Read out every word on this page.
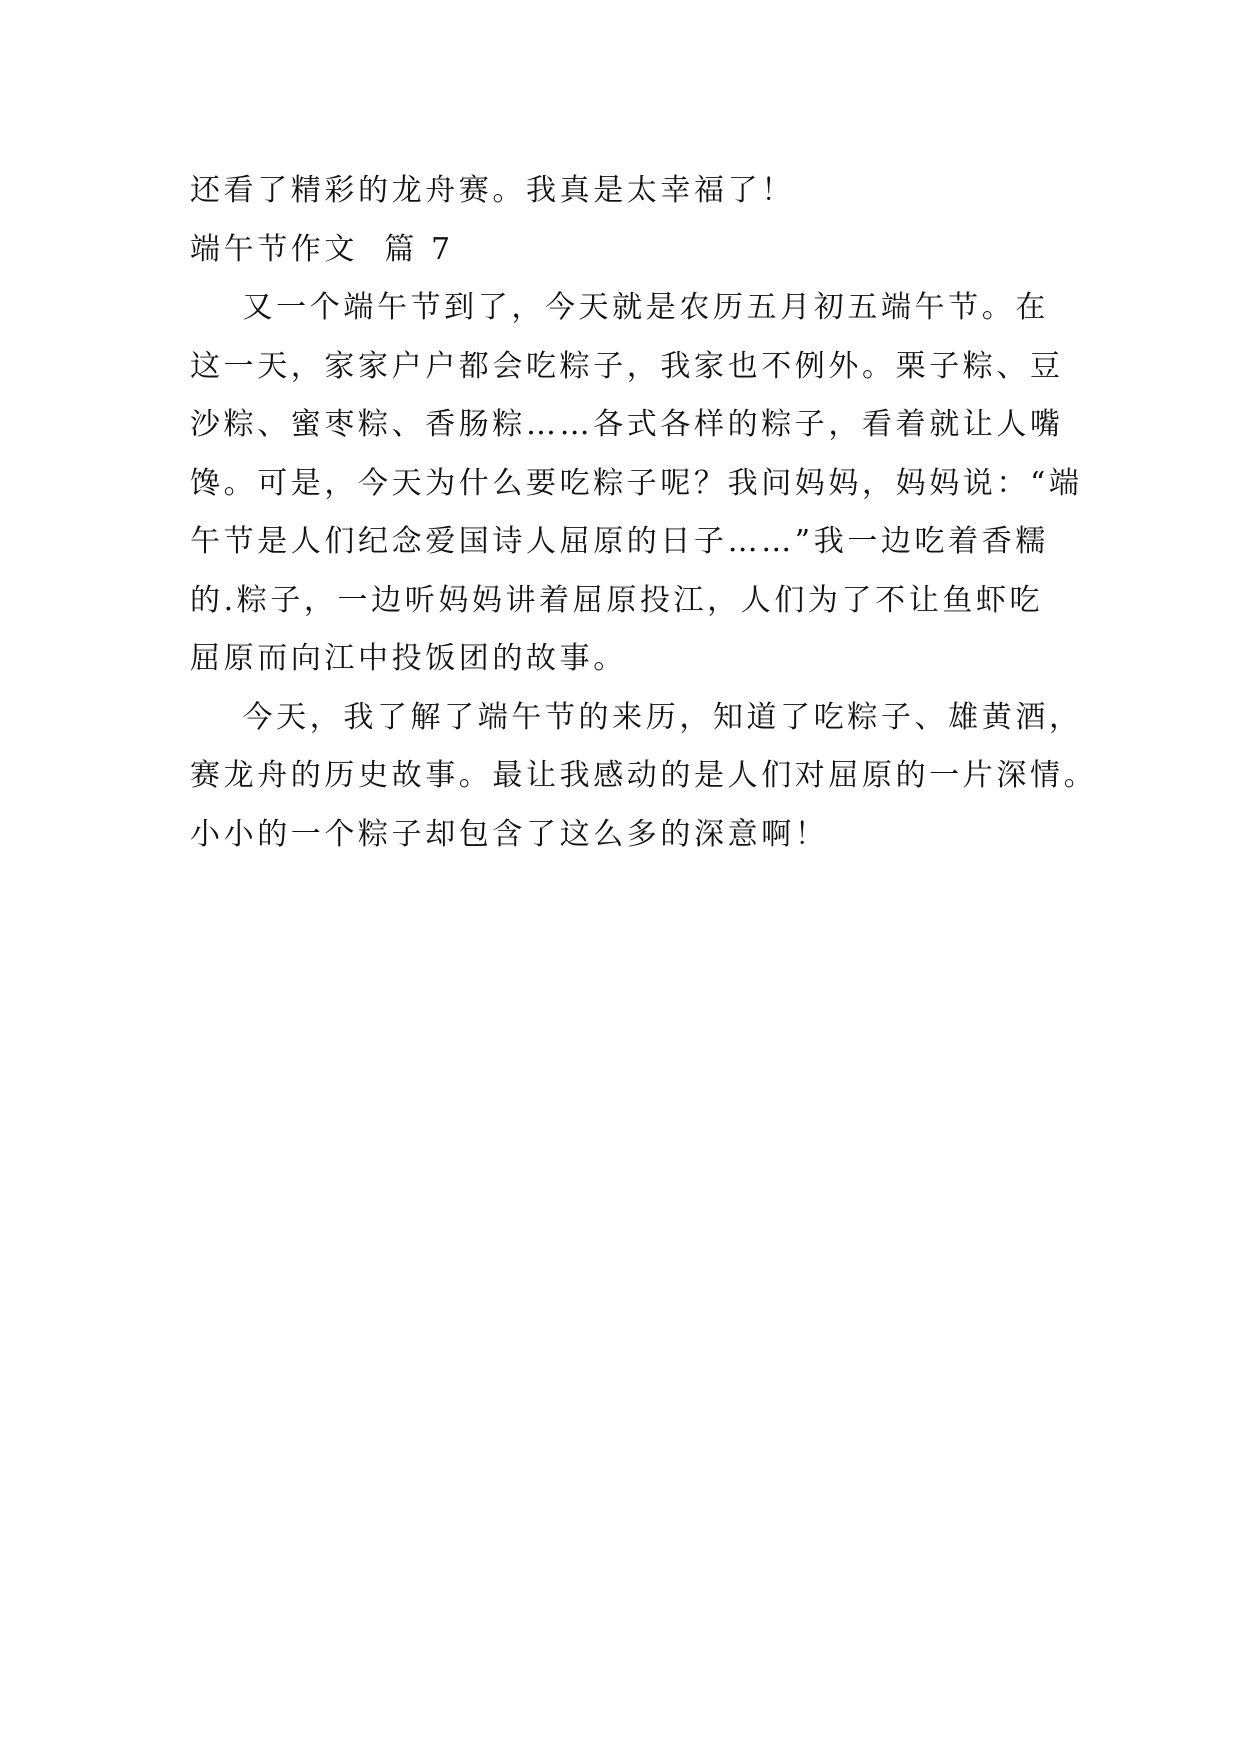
还看了精彩的龙舟赛。我真是太幸福了！
端午节作文  篇 7
又一个端午节到了，今天就是农历五月初五端午节。在
这一天，家家户户都会吃粽子，我家也不例外。栗子粽、豆
沙粽、蜜枣粽、香肠粽……各式各样的粽子，看着就让人嘴
馋。可是，今天为什么要吃粽子呢？我问妈妈，妈妈说：“端
午节是人们纪念爱国诗人屈原的日子……”我一边吃着香糯
的.粽子，一边听妈妈讲着屈原投江，人们为了不让鱼虾吃
屈原而向江中投饭团的故事。
今天，我了解了端午节的来历，知道了吃粽子、雄黄酒，
赛龙舟的历史故事。最让我感动的是人们对屈原的一片深情。
小小的一个粽子却包含了这么多的深意啊！
